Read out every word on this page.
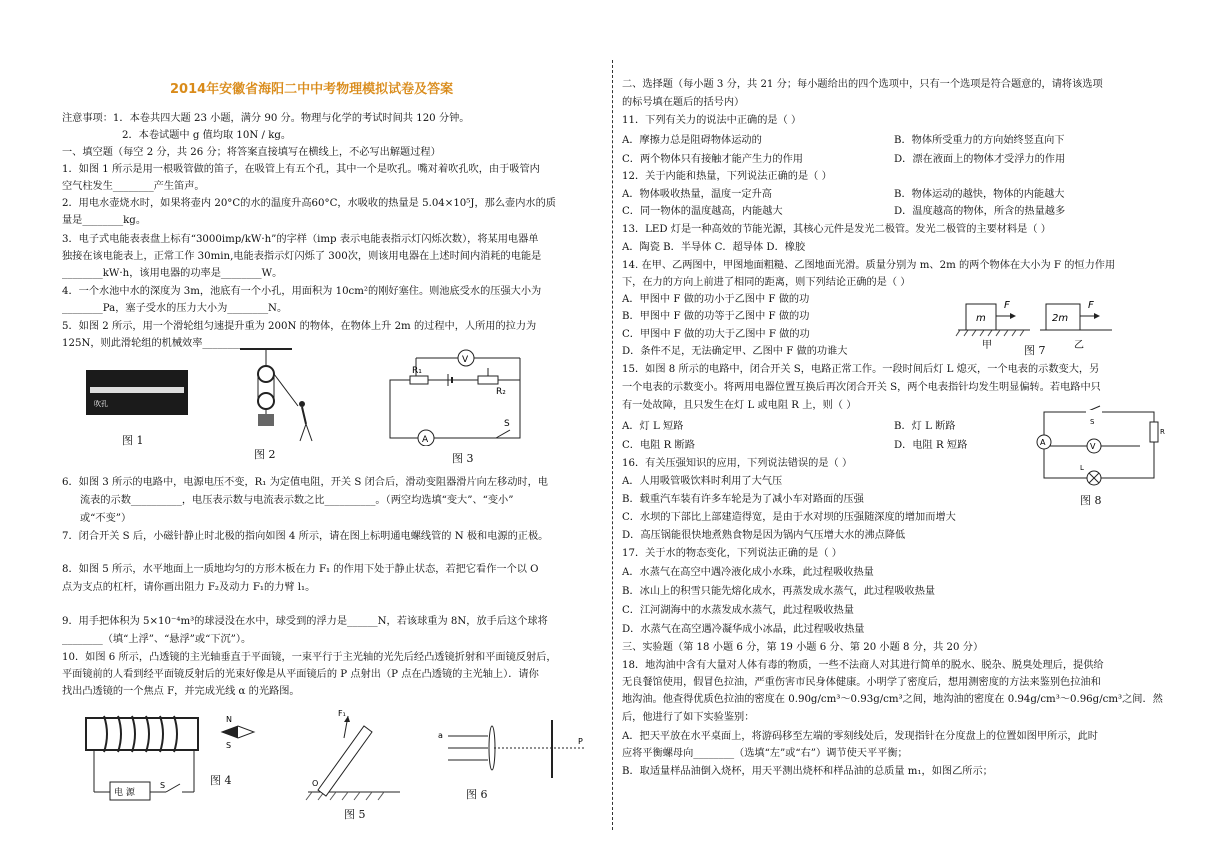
2014年安徽省海阳二中中考物理模拟试卷及答案
注意事项：1．本卷共四大题 23 小题，满分 90 分。物理与化学的考试时间共 120 分钟。
2．本卷试题中 g 值均取 10N / kg。
一、填空题（每空 2 分，共 26 分；将答案直接填写在横线上，不必写出解题过程）
1．如图 1 所示是用一根吸管做的笛子，在吸管上有五个孔，其中一个是吹孔。嘴对着吹孔吹，由于吸管内
空气柱发生________产生笛声。
2．用电水壶烧水时，如果将壶内 20°C的水的温度升高60°C，水吸收的热量是 5.04×10⁵J，那么壶内水的质
量是________kg。
3．电子式电能表表盘上标有“3000imp/kW·h”的字样（imp 表示电能表指示灯闪烁次数），将某用电器单
独接在该电能表上，正常工作 30min,电能表指示灯闪烁了 300次，则该用电器在上述时间内消耗的电能是
________kW·h，该用电器的功率是________W。
4．一个水池中水的深度为 3m，池底有一个小孔，用面积为 10cm²的刚好塞住。则池底受水的压强大小为
________Pa，塞子受水的压力大小为________N。
5．如图 2 所示，用一个滑轮组匀速提升重为 200N 的物体，在物体上升 2m 的过程中，人所用的拉力为
125N，则此滑轮组的机械效率________
吹孔
图 1
图 2
V
R₁
R₂
A
S
图 3
6．如图 3 所示的电路中，电源电压不变，R₁ 为定值电阻，开关 S 闭合后，滑动变阻器滑片向左移动时，电
流表的示数__________，电压表示数与电流表示数之比__________。（两空均选填“变大”、“变小”
或“不变”）
7．闭合开关 S 后，小磁针静止时北极的指向如图 4 所示，请在图上标明通电螺线管的 N 极和电源的正极。
8．如图 5 所示，水平地面上一质地均匀的方形木板在力 F₁ 的作用下处于静止状态，若把它看作一个以 O
点为支点的杠杆，请你画出阻力 F₂及动力 F₁的力臂 l₁。
9．用手把体积为 5×10⁻⁴m³的球浸没在水中，球受到的浮力是______N，若该球重为 8N，放手后这个球将
________（填“上浮”、“悬浮”或“下沉”）。
10．如图 6 所示，凸透镜的主光轴垂直于平面镜，一束平行于主光轴的光先后经凸透镜折射和平面镜反射后，
平面镜前的人看到经平面镜反射后的光束好像是从平面镜后的 P 点射出（P 点在凸透镜的主光轴上）．请你
找出凸透镜的一个焦点 F，并完成光线 α 的光路图。
电 源
S
N
S
图 4
F₁
O
图 5
a
P
图 6
二、选择题（每小题 3 分，共 21 分；每小题给出的四个选项中，只有一个选项是符合题意的，请将该选项
的标号填在题后的括号内）
11．下列有关力的说法中正确的是（ ）
A．摩擦力总是阻碍物体运动的	B．物体所受重力的方向始终竖直向下
C．两个物体只有接触才能产生力的作用	D．漂在液面上的物体才受浮力的作用
12．关于内能和热量，下列说法正确的是（ ）
A．物体吸收热量，温度一定升高	B．物体运动的越快，物体的内能越大
C．同一物体的温度越高，内能越大	D．温度越高的物体，所含的热量越多
13．LED 灯是一种高效的节能光源，其核心元件是发光二极管。发光二极管的主要材料是（ ）
A．陶瓷 B．半导体 C．超导体 D．橡胶
14. 在甲、乙两图中，甲图地面粗糙、乙图地面光滑。质量分别为 m、2m 的两个物体在大小为 F 的恒力作用
下，在力的方向上前进了相同的距离，则下列结论正确的是（ ）
A．甲图中 F 做的功小于乙图中 F 做的功
B．甲图中 F 做的功等于乙图中 F 做的功
C．甲图中 F 做的功大于乙图中 F 做的功
D．条件不足，无法确定甲、乙图中 F 做的功谁大
m
F
甲
2m
F
乙
图 7
15．如图 8 所示的电路中，闭合开关 S，电路正常工作。一段时间后灯 L 熄灭，一个电表的示数变大，另
一个电表的示数变小。将两用电器位置互换后再次闭合开关 S，两个电表指针均发生明显偏转。若电路中只
有一处故障，且只发生在灯 L 或电阻 R 上，则（ ）
A．灯 L 短路	B．灯 L 断路
C．电阻 R 断路	D．电阻 R 短路
S
A	V
R
L
图 8
16．有关压强知识的应用，下列说法错误的是（ ）
A．人用吸管吸饮料时利用了大气压
B．载重汽车装有许多车轮是为了减小车对路面的压强
C．水坝的下部比上部建造得宽，是由于水对坝的压强随深度的增加而增大
D．高压锅能很快地煮熟食物是因为锅内气压增大水的沸点降低
17．关于水的物态变化，下列说法正确的是（ ）
A．水蒸气在高空中遇冷液化成小水珠，此过程吸收热量
B．冰山上的积雪只能先熔化成水，再蒸发成水蒸气，此过程吸收热量
C．江河湖海中的水蒸发成水蒸气，此过程吸收热量
D．水蒸气在高空遇冷凝华成小冰晶，此过程吸收热量
三、实验题（第 18 小题 6 分，第 19 小题 6 分、第 20 小题 8 分，共 20 分）
18．地沟油中含有大量对人体有毒的物质，一些不法商人对其进行简单的脱水、脱杂、脱臭处理后，提供给
无良餐馆使用，假冒色拉油，严重伤害市民身体健康。小明学了密度后，想用测密度的方法来鉴别色拉油和
地沟油。他查得优质色拉油的密度在 0.90g/cm³～0.93g/cm³之间，地沟油的密度在 0.94g/cm³～0.96g/cm³之间．然
后，他进行了如下实验鉴别：
A．把天平放在水平桌面上，将游码移至左端的零刻线处后，发现指针在分度盘上的位置如图甲所示，此时
应将平衡螺母向________（选填“左”或“右”）调节使天平平衡；
B．取适量样品油倒入烧杯，用天平测出烧杯和样品油的总质量 m₁，如图乙所示；
